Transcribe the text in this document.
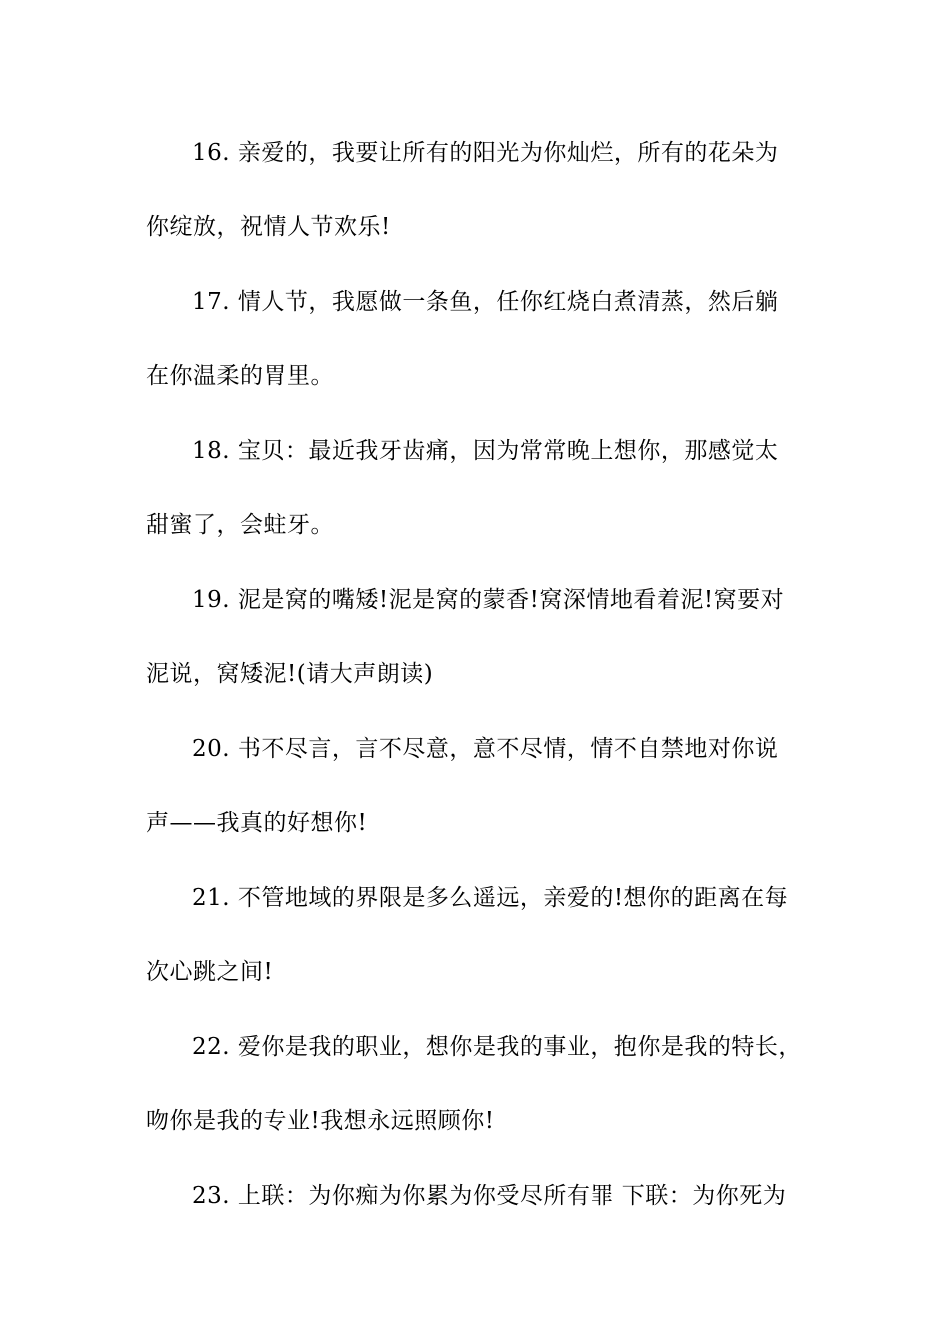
16. 亲爱的，我要让所有的阳光为你灿烂，所有的花朵为
你绽放，祝情人节欢乐!
17. 情人节，我愿做一条鱼，任你红烧白煮清蒸，然后躺
在你温柔的胃里。
18. 宝贝：最近我牙齿痛，因为常常晚上想你，那感觉太
甜蜜了，会蛀牙。
19. 泥是窝的嘴矮!泥是窝的蒙香!窝深情地看着泥!窝要对
泥说，窝矮泥!(请大声朗读)
20. 书不尽言，言不尽意，意不尽情，情不自禁地对你说
声——我真的好想你!
21. 不管地域的界限是多么遥远，亲爱的!想你的距离在每
次心跳之间!
22. 爱你是我的职业，想你是我的事业，抱你是我的特长，
吻你是我的专业!我想永远照顾你!
23. 上联：为你痴为你累为你受尽所有罪 下联：为你死为
